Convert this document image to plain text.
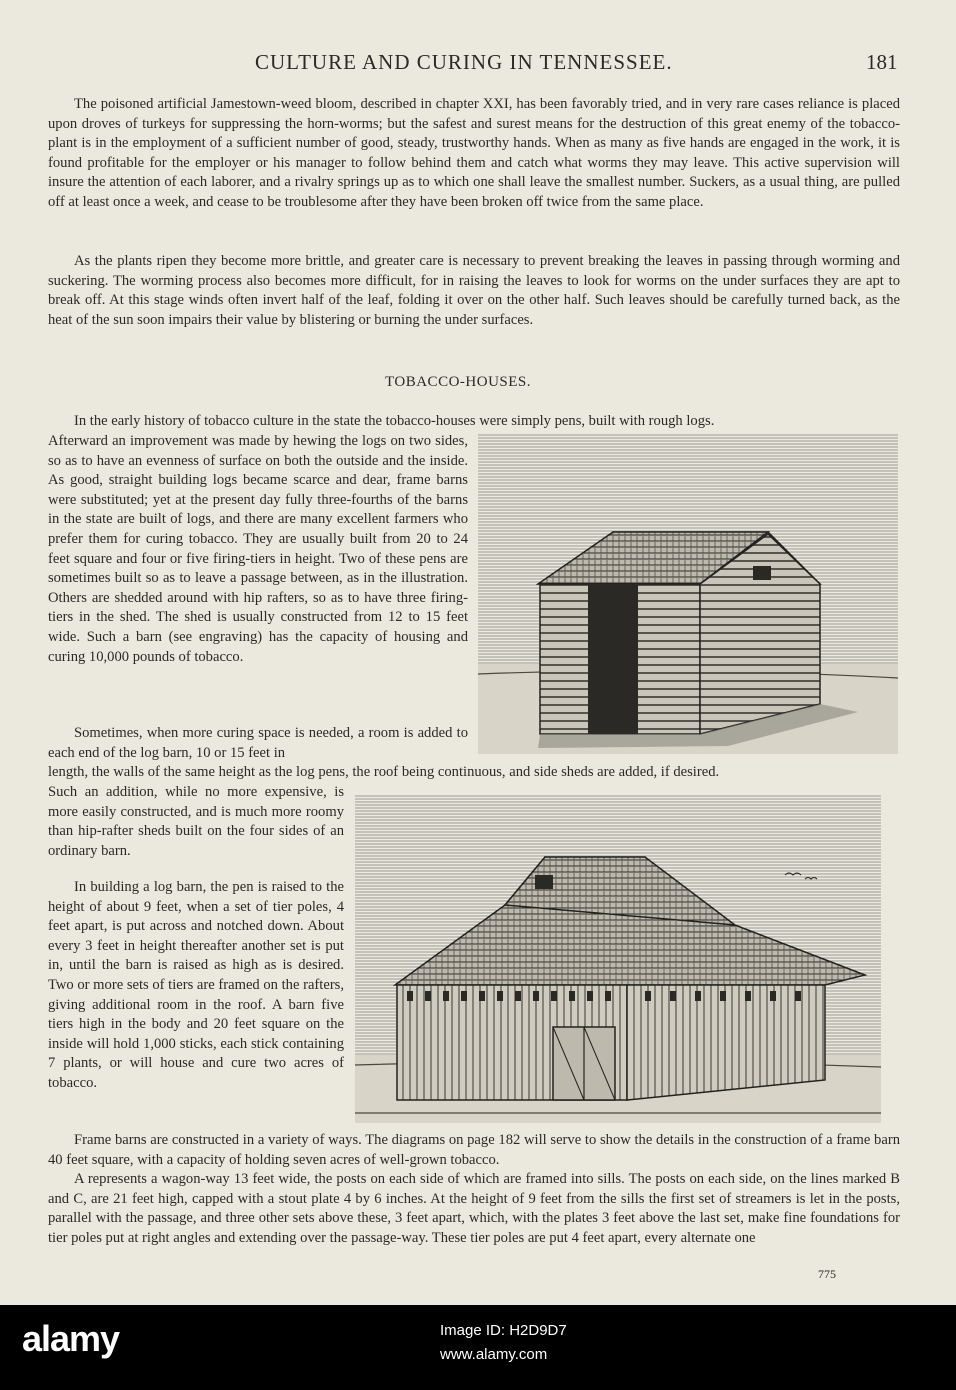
CULTURE AND CURING IN TENNESSEE.	181

The poisoned artificial Jamestown-weed bloom, described in chapter XXI, has been favorably tried, and in very rare cases reliance is placed upon droves of turkeys for suppressing the horn-worms; but the safest and surest means for the destruction of this great enemy of the tobacco-plant is in the employment of a sufficient number of good, steady, trustworthy hands. When as many as five hands are engaged in the work, it is found profitable for the employer or his manager to follow behind them and catch what worms they may leave. This active supervision will insure the attention of each laborer, and a rivalry springs up as to which one shall leave the smallest number. Suckers, as a usual thing, are pulled off at least once a week, and cease to be troublesome after they have been broken off twice from the same place.

As the plants ripen they become more brittle, and greater care is necessary to prevent breaking the leaves in passing through worming and suckering. The worming process also becomes more difficult, for in raising the leaves to look for worms on the under surfaces they are apt to break off. At this stage winds often invert half of the leaf, folding it over on the other half. Such leaves should be carefully turned back, as the heat of the sun soon impairs their value by blistering or burning the under surfaces.

TOBACCO-HOUSES.

In the early history of tobacco culture in the state the tobacco-houses were simply pens, built with rough logs.

Afterward an improvement was made by hewing the logs on two sides, so as to have an evenness of surface on both the outside and the inside. As good, straight building logs became scarce and dear, frame barns were substituted; yet at the present day fully three-fourths of the barns in the state are built of logs, and there are many excellent farmers who prefer them for curing tobacco. They are usually built from 20 to 24 feet square and four or five firing-tiers in height. Two of these pens are sometimes built so as to leave a passage between, as in the illustration. Others are shedded around with hip rafters, so as to have three firing-tiers in the shed. The shed is usually constructed from 12 to 15 feet wide. Such a barn (see engraving) has the capacity of housing and curing 10,000 pounds of tobacco.

Sometimes, when more curing space is needed, a room is added to each end of the log barn, 10 or 15 feet in

length, the walls of the same height as the log pens, the roof being continuous, and side sheds are added, if desired.

Such an addition, while no more expensive, is more easily constructed, and is much more roomy than hip-rafter sheds built on the four sides of an ordinary barn.

In building a log barn, the pen is raised to the height of about 9 feet, when a set of tier poles, 4 feet apart, is put across and notched down. About every 3 feet in height thereafter another set is put in, until the barn is raised as high as is desired. Two or more sets of tiers are framed on the rafters, giving additional room in the roof. A barn five tiers high in the body and 20 feet square on the inside will hold 1,000 sticks, each stick containing 7 plants, or will house and cure two acres of tobacco.

Frame barns are constructed in a variety of ways. The diagrams on page 182 will serve to show the details in the construction of a frame barn 40 feet square, with a capacity of holding seven acres of well-grown tobacco.

A represents a wagon-way 13 feet wide, the posts on each side of which are framed into sills. The posts on each side, on the lines marked B and C, are 21 feet high, capped with a stout plate 4 by 6 inches. At the height of 9 feet from the sills the first set of streamers is let in the posts, parallel with the passage, and three other sets above these, 3 feet apart, which, with the plates 3 feet above the last set, make fine foundations for tier poles put at right angles and extending over the passage-way. These tier poles are put 4 feet apart, every alternate one

775
alamy	Image ID: H2D9D7
www.alamy.com
